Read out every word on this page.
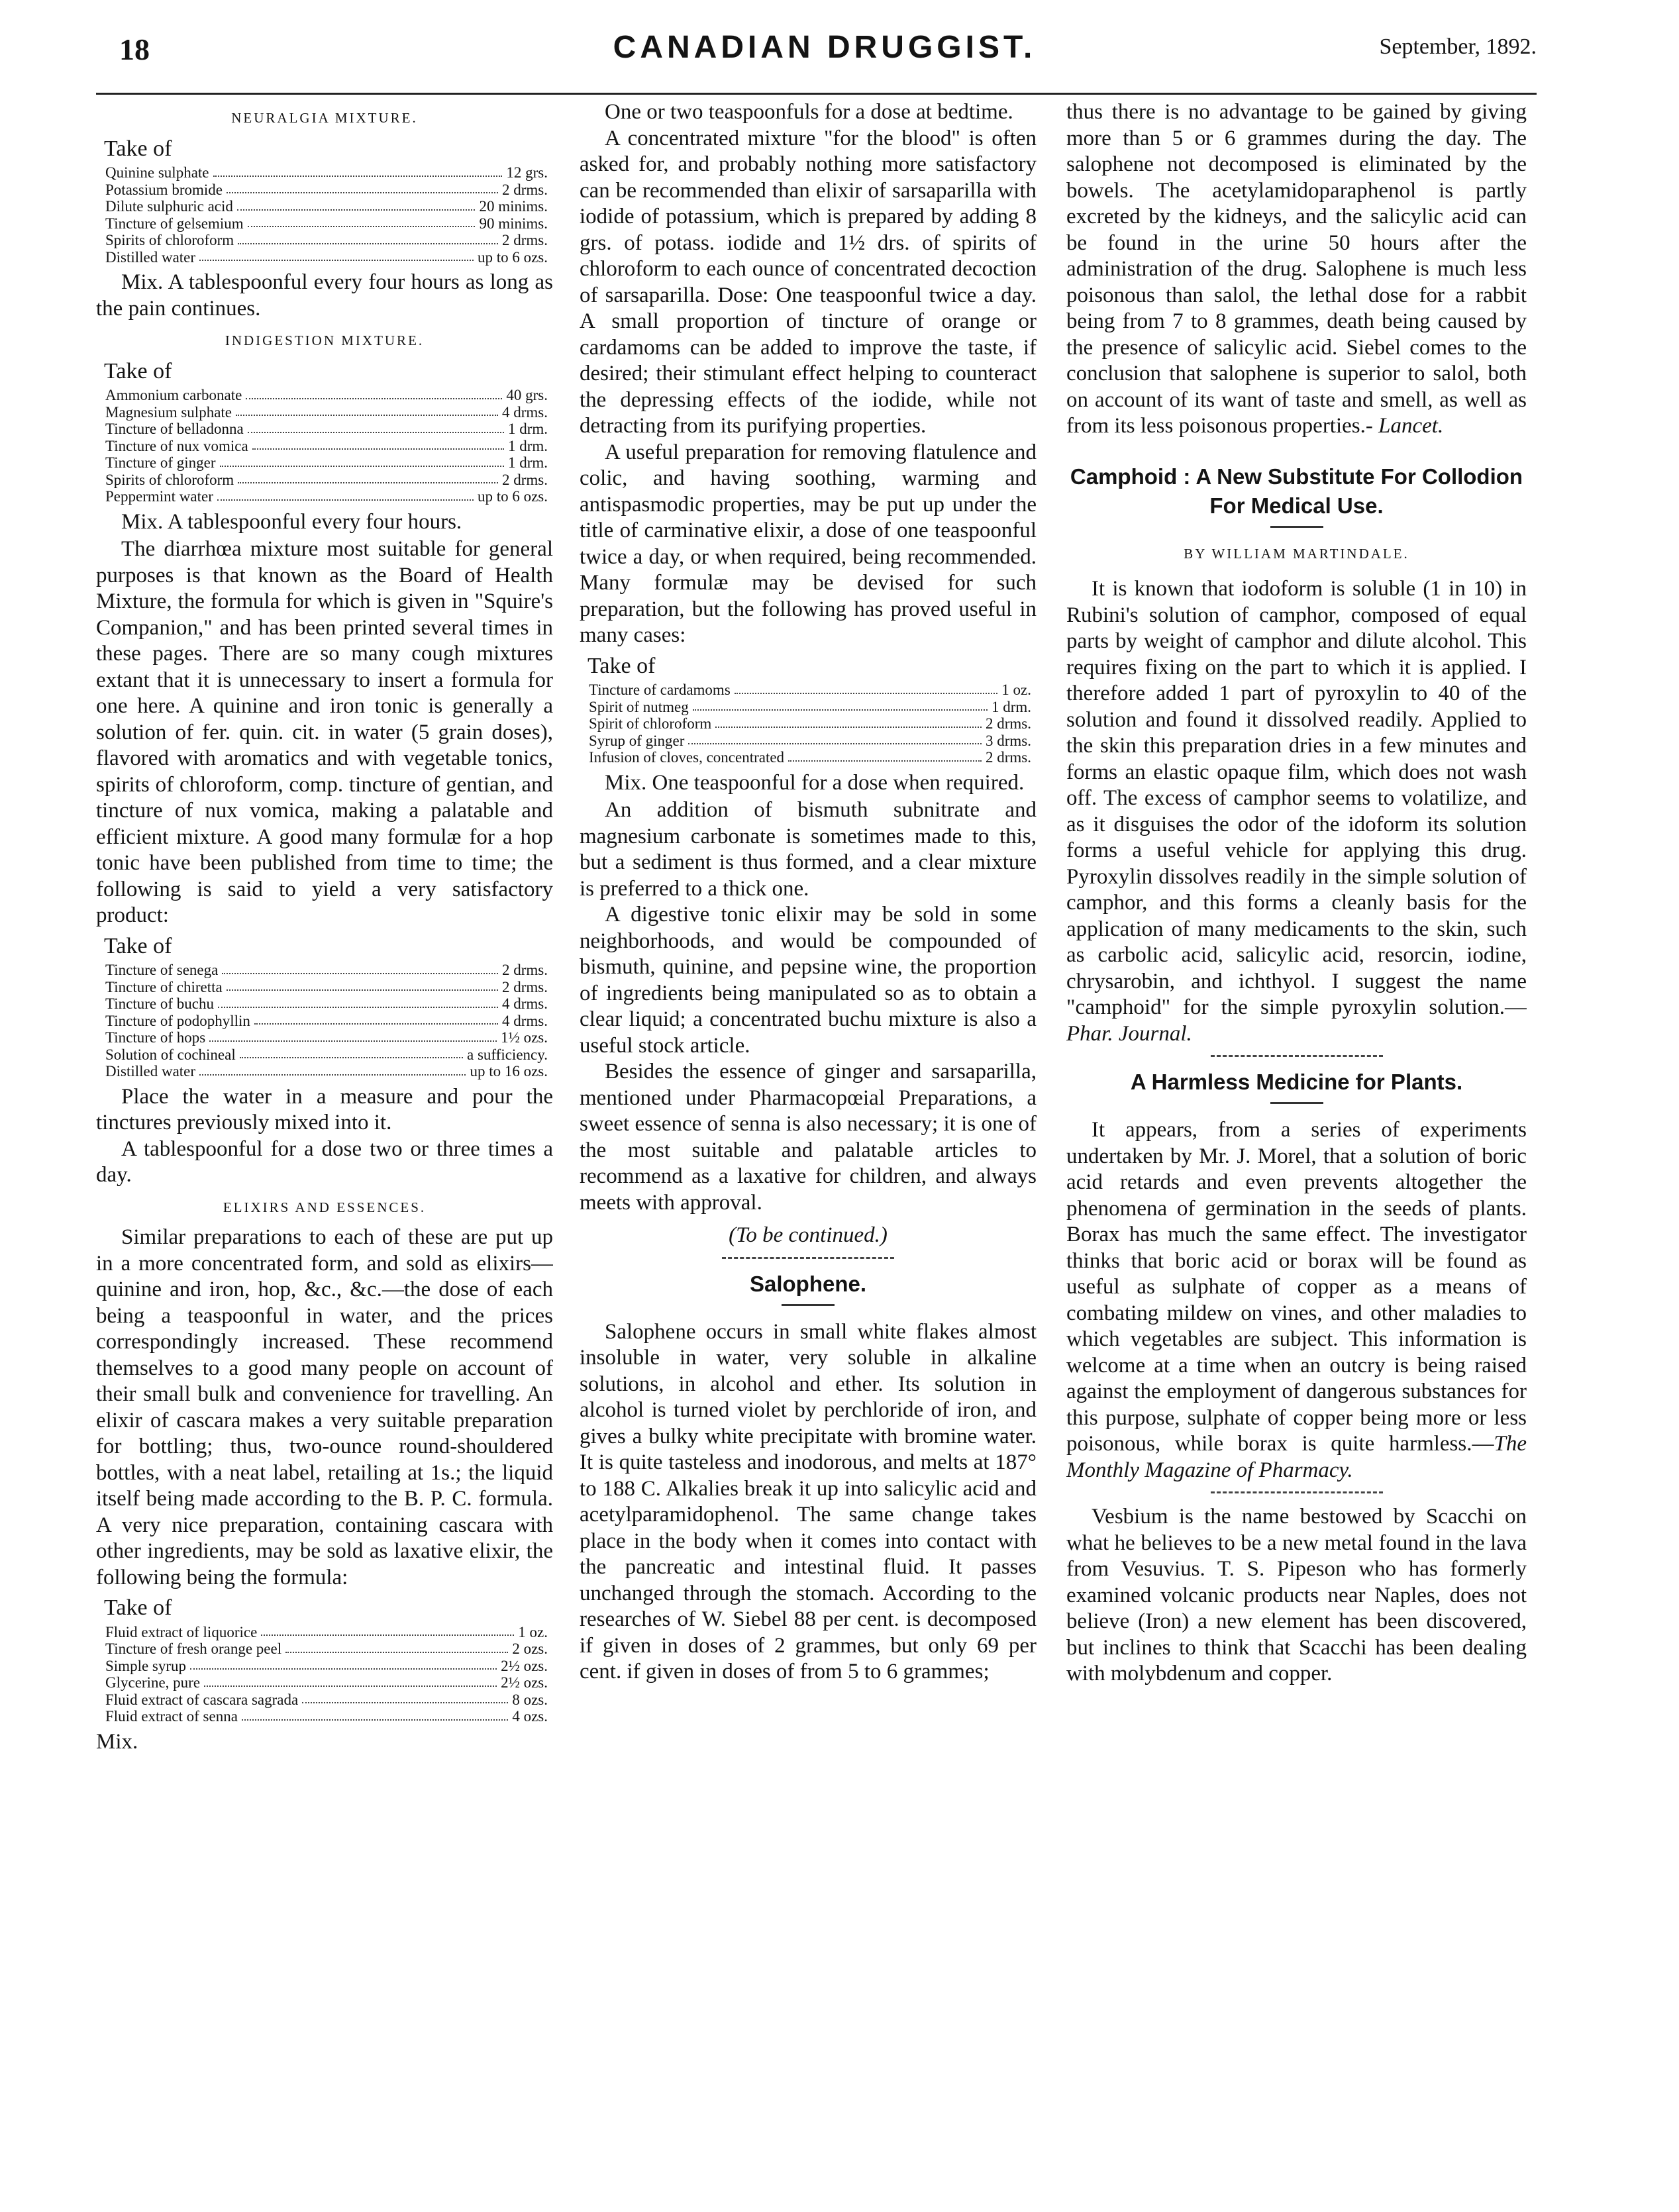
18	CANADIAN DRUGGIST.	September, 1892.
NEURALGIA MIXTURE.
Take of
Quinine sulphate	12 grs.
Potassium bromide	2 drms.
Dilute sulphuric acid	20 minims.
Tincture of gelsemium	90 minims.
Spirits of chloroform	2 drms.
Distilled water	up to 6 ozs.

Mix. A tablespoonful every four hours as long as the pain continues.

INDIGESTION MIXTURE.
Take of
Ammonium carbonate	40 grs.
Magnesium sulphate	4 drms.
Tincture of belladonna	1 drm.
Tincture of nux vomica	1 drm.
Tincture of ginger	1 drm.
Spirits of chloroform	2 drms.
Peppermint water	up to 6 ozs.

Mix. A tablespoonful every four hours.

The diarrhœa mixture most suitable for general purposes is that known as the Board of Health Mixture, the formula for which is given in "Squire's Companion," and has been printed several times in these pages. There are so many cough mixtures extant that it is unnecessary to insert a formula for one here. A quinine and iron tonic is generally a solution of fer. quin. cit. in water (5 grain doses), flavored with aromatics and with vegetable tonics, spirits of chloroform, comp. tincture of gentian, and tincture of nux vomica, making a palatable and efficient mixture. A good many formulæ for a hop tonic have been published from time to time; the following is said to yield a very satisfactory product:

Take of
Tincture of senega	2 drms.
Tincture of chiretta	2 drms.
Tincture of buchu	4 drms.
Tincture of podophyllin	4 drms.
Tincture of hops	1½ ozs.
Solution of cochineal	a sufficiency.
Distilled water	up to 16 ozs.

Place the water in a measure and pour the tinctures previously mixed into it.

A tablespoonful for a dose two or three times a day.

ELIXIRS AND ESSENCES.

Similar preparations to each of these are put up in a more concentrated form, and sold as elixirs—quinine and iron, hop, &c., &c.—the dose of each being a teaspoonful in water, and the prices correspondingly increased. These recommend themselves to a good many people on account of their small bulk and convenience for travelling. An elixir of cascara makes a very suitable preparation for bottling; thus, two-ounce round-shouldered bottles, with a neat label, retailing at 1s.; the liquid itself being made according to the B. P. C. formula. A very nice preparation, containing cascara with other ingredients, may be sold as laxative elixir, the following being the formula:

Take of
Fluid extract of liquorice	1 oz.
Tincture of fresh orange peel	2 ozs.
Simple syrup	2½ ozs.
Glycerine, pure	2½ ozs.
Fluid extract of cascara sagrada	8 ozs.
Fluid extract of senna	4 ozs.

Mix.

One or two teaspoonfuls for a dose at bedtime.

A concentrated mixture "for the blood" is often asked for, and probably nothing more satisfactory can be recommended than elixir of sarsaparilla with iodide of potassium, which is prepared by adding 8 grs. of potass. iodide and 1½ drs. of spirits of chloroform to each ounce of concentrated decoction of sarsaparilla. Dose: One teaspoonful twice a day. A small proportion of tincture of orange or cardamoms can be added to improve the taste, if desired; their stimulant effect helping to counteract the depressing effects of the iodide, while not detracting from its purifying properties.

A useful preparation for removing flatulence and colic, and having soothing, warming and antispasmodic properties, may be put up under the title of carminative elixir, a dose of one teaspoonful twice a day, or when required, being recommended. Many formulæ may be devised for such preparation, but the following has proved useful in many cases:

Take of
Tincture of cardamoms	1 oz.
Spirit of nutmeg	1 drm.
Spirit of chloroform	2 drms.
Syrup of ginger	3 drms.
Infusion of cloves, concentrated	2 drms.

Mix. One teaspoonful for a dose when required.

An addition of bismuth subnitrate and magnesium carbonate is sometimes made to this, but a sediment is thus formed, and a clear mixture is preferred to a thick one.

A digestive tonic elixir may be sold in some neighborhoods, and would be compounded of bismuth, quinine, and pepsine wine, the proportion of ingredients being manipulated so as to obtain a clear liquid; a concentrated buchu mixture is also a useful stock article.

Besides the essence of ginger and sarsaparilla, mentioned under Pharmacopœial Preparations, a sweet essence of senna is also necessary; it is one of the most suitable and palatable articles to recommend as a laxative for children, and always meets with approval.

(To be continued.)
Salophene.

Salophene occurs in small white flakes almost insoluble in water, very soluble in alkaline solutions, in alcohol and ether. Its solution in alcohol is turned violet by perchloride of iron, and gives a bulky white precipitate with bromine water. It is quite tasteless and inodorous, and melts at 187° to 188 C. Alkalies break it up into salicylic acid and acetylparamidophenol. The same change takes place in the body when it comes into contact with the pancreatic and intestinal fluid. It passes unchanged through the stomach. According to the researches of W. Siebel 88 per cent. is decomposed if given in doses of 2 grammes, but only 69 per cent. if given in doses of from 5 to 6 grammes;

thus there is no advantage to be gained by giving more than 5 or 6 grammes during the day. The salophene not decomposed is eliminated by the bowels. The acetylamidoparaphenol is partly excreted by the kidneys, and the salicylic acid can be found in the urine 50 hours after the administration of the drug. Salophene is much less poisonous than salol, the lethal dose for a rabbit being from 7 to 8 grammes, death being caused by the presence of salicylic acid. Siebel comes to the conclusion that salophene is superior to salol, both on account of its want of taste and smell, as well as from its less poisonous properties.- Lancet.

Camphoid : A New Substitute For Collodion For Medical Use.
BY WILLIAM MARTINDALE.

It is known that iodoform is soluble (1 in 10) in Rubini's solution of camphor, composed of equal parts by weight of camphor and dilute alcohol. This requires fixing on the part to which it is applied. I therefore added 1 part of pyroxylin to 40 of the solution and found it dissolved readily. Applied to the skin this preparation dries in a few minutes and forms an elastic opaque film, which does not wash off. The excess of camphor seems to volatilize, and as it disguises the odor of the idoform its solution forms a useful vehicle for applying this drug. Pyroxylin dissolves readily in the simple solution of camphor, and this forms a cleanly basis for the application of many medicaments to the skin, such as carbolic acid, salicylic acid, resorcin, iodine, chrysarobin, and ichthyol. I suggest the name "camphoid" for the simple pyroxylin solution.—Phar. Journal.

A Harmless Medicine for Plants.

It appears, from a series of experiments undertaken by Mr. J. Morel, that a solution of boric acid retards and even prevents altogether the phenomena of germination in the seeds of plants. Borax has much the same effect. The investigator thinks that boric acid or borax will be found as useful as sulphate of copper as a means of combating mildew on vines, and other maladies to which vegetables are subject. This information is welcome at a time when an outcry is being raised against the employment of dangerous substances for this purpose, sulphate of copper being more or less poisonous, while borax is quite harmless.—The Monthly Magazine of Pharmacy.

Vesbium is the name bestowed by Scacchi on what he believes to be a new metal found in the lava from Vesuvius. T. S. Pipeson who has formerly examined volcanic products near Naples, does not believe (Iron) a new element has been discovered, but inclines to think that Scacchi has been dealing with molybdenum and copper.
